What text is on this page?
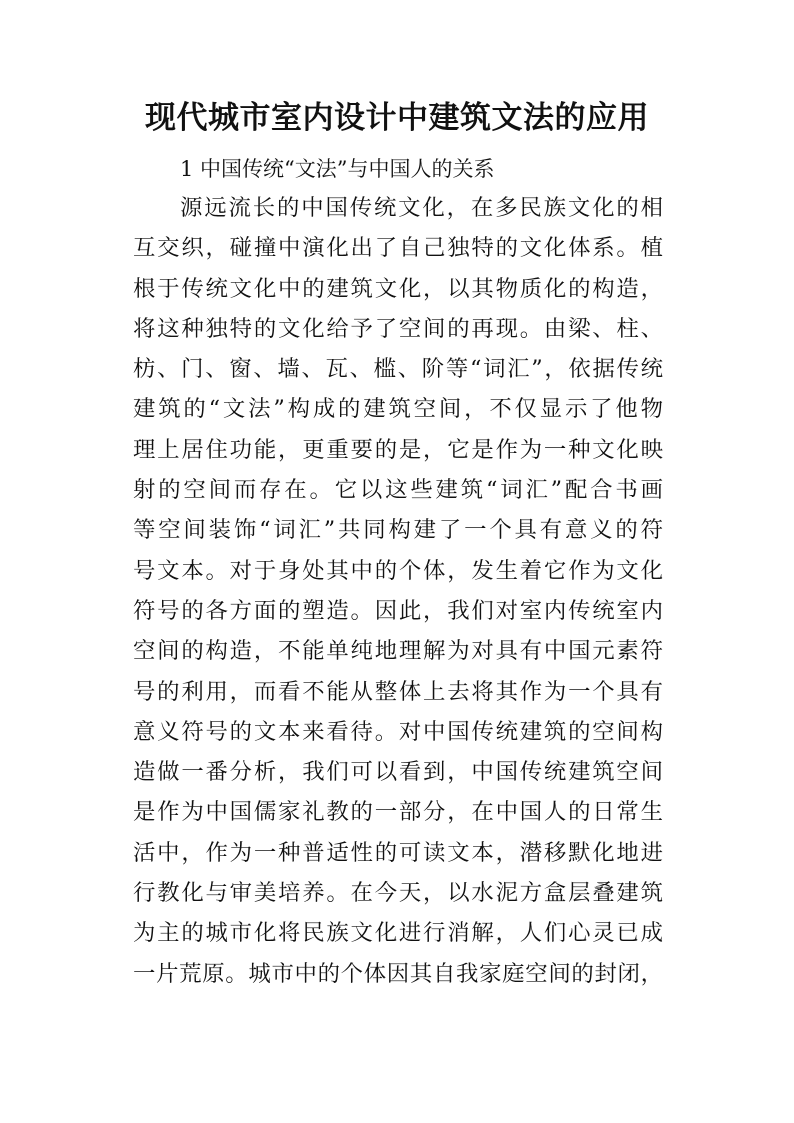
现代城市室内设计中建筑文法的应用

1 中国传统“文法”与中国人的关系

源远流长的中国传统文化，在多民族文化的相
互交织，碰撞中演化出了自己独特的文化体系。植
根于传统文化中的建筑文化，以其物质化的构造，
将这种独特的文化给予了空间的再现。由梁、柱、
枋、门、窗、墙、瓦、槛、阶等“词汇”，依据传统
建筑的“文法”构成的建筑空间，不仅显示了他物
理上居住功能，更重要的是，它是作为一种文化映
射的空间而存在。它以这些建筑“词汇”配合书画
等空间装饰“词汇”共同构建了一个具有意义的符
号文本。对于身处其中的个体，发生着它作为文化
符号的各方面的塑造。因此，我们对室内传统室内
空间的构造，不能单纯地理解为对具有中国元素符
号的利用，而看不能从整体上去将其作为一个具有
意义符号的文本来看待。对中国传统建筑的空间构
造做一番分析，我们可以看到，中国传统建筑空间
是作为中国儒家礼教的一部分，在中国人的日常生
活中，作为一种普适性的可读文本，潜移默化地进
行教化与审美培养。在今天，以水泥方盒层叠建筑
为主的城市化将民族文化进行消解，人们心灵已成
一片荒原。城市中的个体因其自我家庭空间的封闭，
